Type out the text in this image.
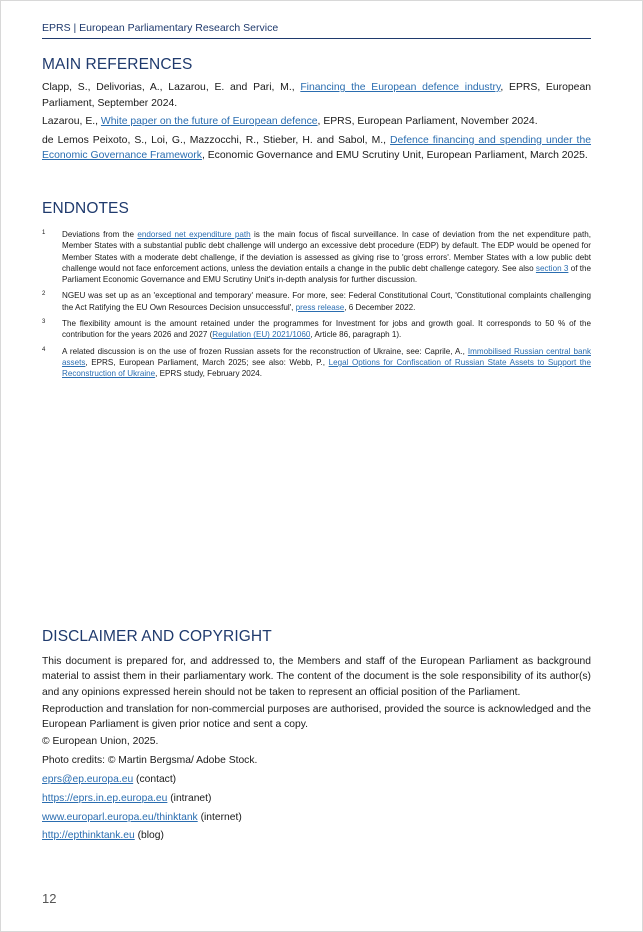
EPRS | European Parliamentary Research Service
MAIN REFERENCES

Clapp, S., Delivorias, A., Lazarou, E. and Pari, M., Financing the European defence industry, EPRS, European Parliament, September 2024.

Lazarou, E., White paper on the future of European defence, EPRS, European Parliament, November 2024.

de Lemos Peixoto, S., Loi, G., Mazzocchi, R., Stieber, H. and Sabol, M., Defence financing and spending under the Economic Governance Framework, Economic Governance and EMU Scrutiny Unit, European Parliament, March 2025.

ENDNOTES
1	Deviations from the endorsed net expenditure path is the main focus of fiscal surveillance. In case of deviation from the net expenditure path, Member States with a substantial public debt challenge will undergo an excessive debt procedure (EDP) by default. The EDP would be opened for Member States with a moderate debt challenge, if the deviation is assessed as giving rise to 'gross errors'. Member States with a low public debt challenge would not face enforcement actions, unless the deviation entails a change in the public debt challenge category. See also section 3 of the Parliament Economic Governance and EMU Scrutiny Unit's in-depth analysis for further discussion.
2	NGEU was set up as an 'exceptional and temporary' measure. For more, see: Federal Constitutional Court, 'Constitutional complaints challenging the Act Ratifying the EU Own Resources Decision unsuccessful', press release, 6 December 2022.
3	The flexibility amount is the amount retained under the programmes for Investment for jobs and growth goal. It corresponds to 50 % of the contribution for the years 2026 and 2027 (Regulation (EU) 2021/1060, Article 86, paragraph 1).
4	A related discussion is on the use of frozen Russian assets for the reconstruction of Ukraine, see: Caprile, A., Immobilised Russian central bank assets, EPRS, European Parliament, March 2025; see also: Webb, P., Legal Options for Confiscation of Russian State Assets to Support the Reconstruction of Ukraine, EPRS study, February 2024.
DISCLAIMER AND COPYRIGHT

This document is prepared for, and addressed to, the Members and staff of the European Parliament as background material to assist them in their parliamentary work. The content of the document is the sole responsibility of its author(s) and any opinions expressed herein should not be taken to represent an official position of the Parliament.

Reproduction and translation for non-commercial purposes are authorised, provided the source is acknowledged and the European Parliament is given prior notice and sent a copy.

© European Union, 2025.

Photo credits: © Martin Bergsma/ Adobe Stock.

eprs@ep.europa.eu (contact)

https://eprs.in.ep.europa.eu (intranet)

www.europarl.europa.eu/thinktank (internet)

http://epthinktank.eu (blog)

12
